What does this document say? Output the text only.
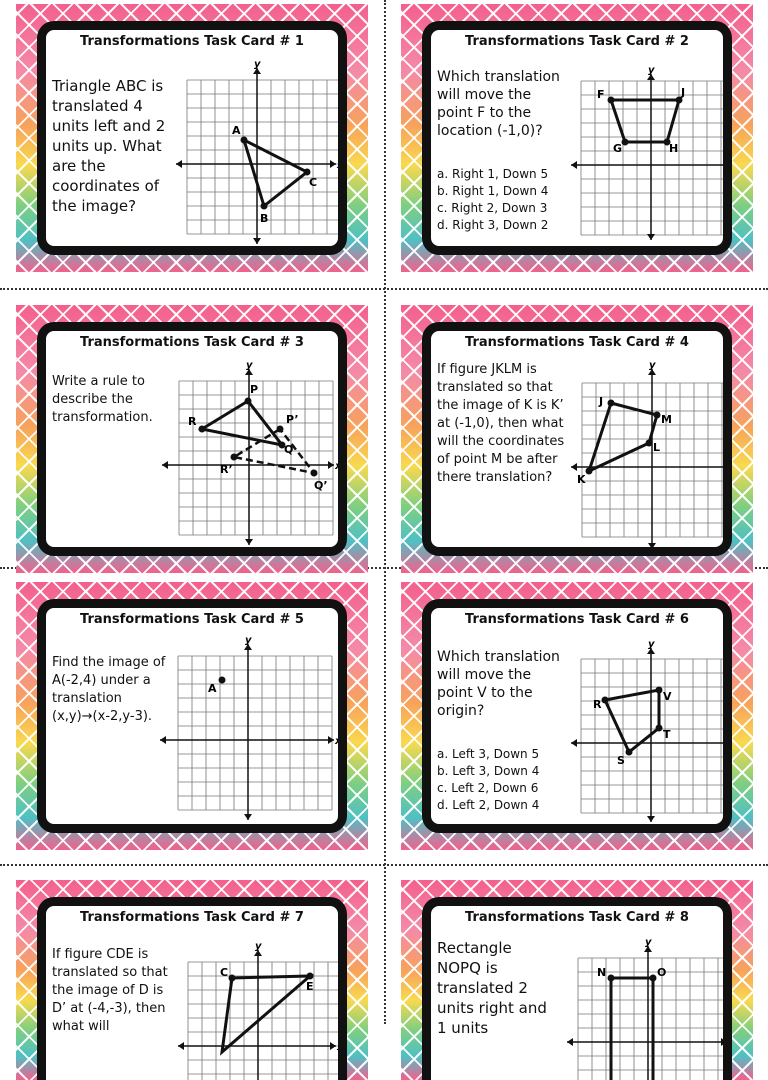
Transformations Task Card # 1
Triangle ABC is translated 4 units left and 2 units up. What are the coordinates of the image?
x
y
A
B
C
Transformations Task Card # 2
Which translation will move the point F to the location (-1,0)?
a. Right 1, Down 5
b. Right 1, Down 4
c. Right 2, Down 3
d. Right 3, Down 2
x
y
F	J
G	H
Transformations Task Card # 3
Write a rule to describe the transformation.
x
y
P
R
Q
P’
R’
Q’
Transformations Task Card # 4
If figure JKLM is translated so that the image of K is K’ at (-1,0), then what will the coordinates of point M be after there translation?
x
y
J
M
L
K
Transformations Task Card # 5
Find the image of A(-2,4) under a translation (x,y)→(x-2,y-3).
x
y
A
Transformations Task Card # 6
Which translation will move the point V to the origin?
a. Left 3, Down 5
b. Left 3, Down 4
c. Left 2, Down 6
d. Left 2, Down 4
x
y
R
V
T
S
Transformations Task Card # 7
If figure CDE is translated so that the image of D is D’ at (-4,-3), then what will
x
y
C
E
Transformations Task Card # 8
Rectangle NOPQ is translated 2 units right and 1 units
x
y
N	O
